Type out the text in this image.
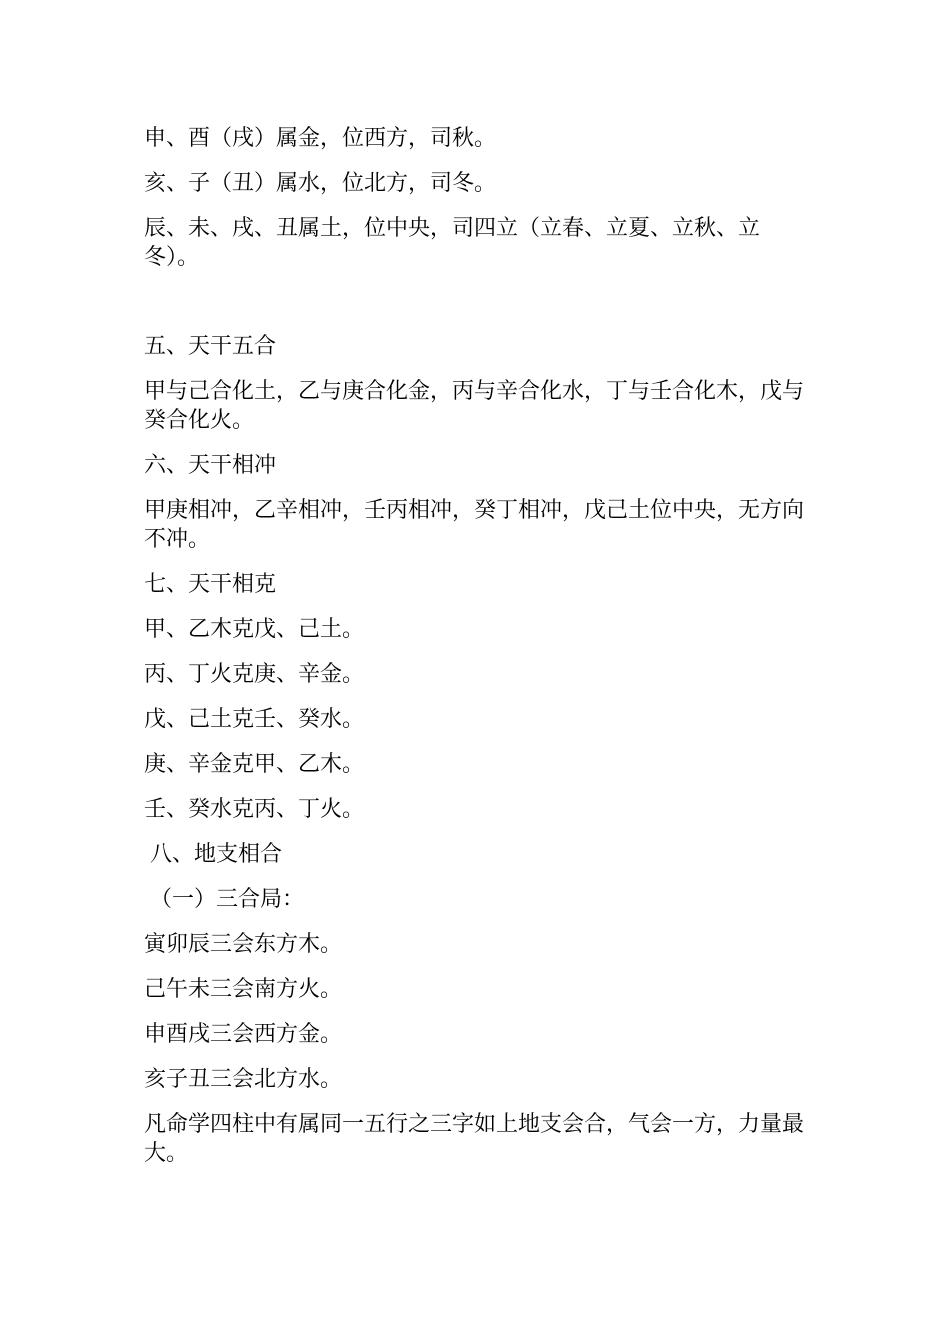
申、酉（戌）属金，位西方，司秋。

亥、子（丑）属水，位北方，司冬。

辰、未、戌、丑属土，位中央，司四立（立春、立夏、立秋、立冬）。

五、天干五合

甲与己合化土，乙与庚合化金，丙与辛合化水，丁与壬合化木，戊与癸合化火。

六、天干相冲

甲庚相冲，乙辛相冲，壬丙相冲，癸丁相冲，戊己土位中央，无方向不冲。

七、天干相克

甲、乙木克戊、己土。

丙、丁火克庚、辛金。

戊、己土克壬、癸水。

庚、辛金克甲、乙木。

壬、癸水克丙、丁火。

八、地支相合

（一）三合局：

寅卯辰三会东方木。

己午未三会南方火。

申酉戌三会西方金。

亥子丑三会北方水。

凡命学四柱中有属同一五行之三字如上地支会合，气会一方，力量最大。
